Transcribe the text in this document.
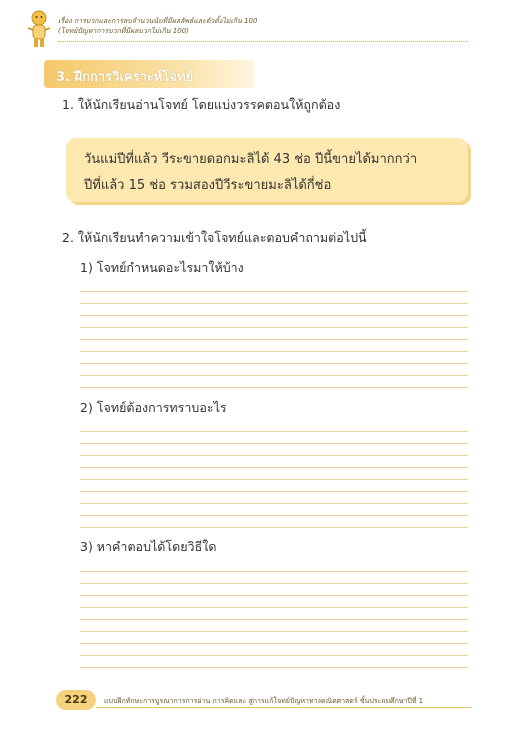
เรื่อง การบวกและการลบจำนวนนับที่มีผลลัพธ์และตัวตั้งไม่เกิน 100
(โจทย์ปัญหาการบวกที่มีผลบวกไม่เกิน 100)
3. ฝึกการวิเคราะห์โจทย์
1. ให้นักเรียนอ่านโจทย์ โดยแบ่งวรรคตอนให้ถูกต้อง
วันแม่ปีที่แล้ว วีระขายดอกมะลิได้ 43 ช่อ ปีนี้ขายได้มากกว่า
ปีที่แล้ว 15 ช่อ รวมสองปีวีระขายมะลิได้กี่ช่อ
2. ให้นักเรียนทำความเข้าใจโจทย์และตอบคำถามต่อไปนี้
1) โจทย์กำหนดอะไรมาให้บ้าง
2) โจทย์ต้องการทราบอะไร
3) หาคำตอบได้โดยวิธีใด
222	แบบฝึกทักษะการบูรณาการการอ่าน การคิดและ สู่การแก้โจทย์ปัญหาทางคณิตศาสตร์ ชั้นประถมศึกษาปีที่ 1
